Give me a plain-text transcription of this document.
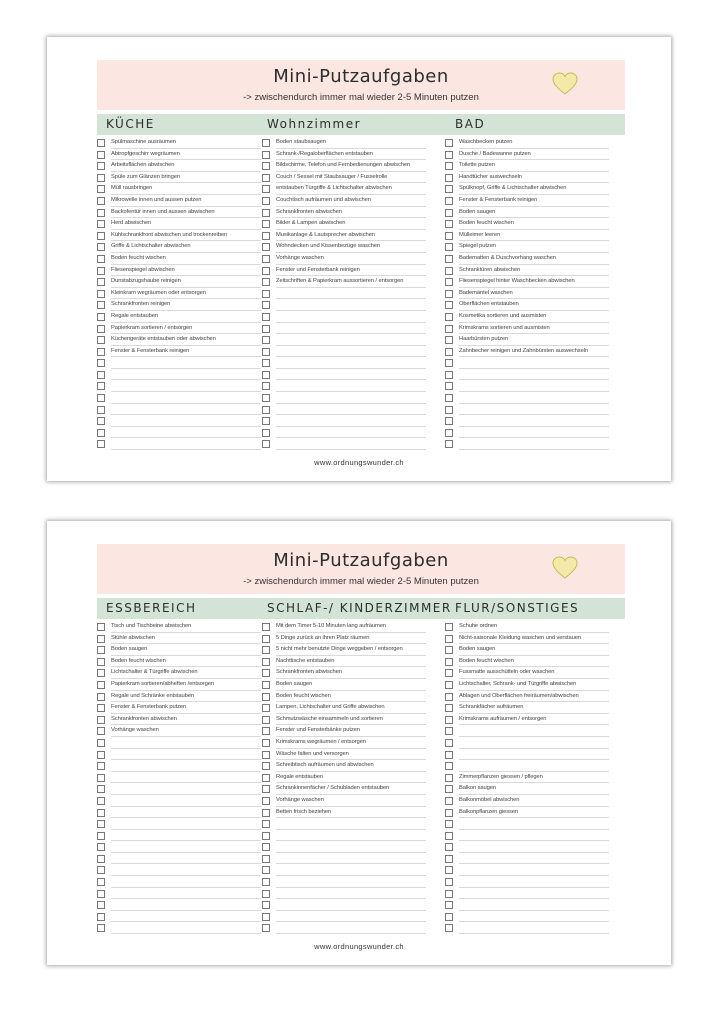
Mini-Putzaufgaben
-> zwischendurch immer mal wieder 2-5 Minuten putzen
KÜCHE	Wohnzimmer	BAD
Spülmaschine ausräumen
Abtropfgeschirr wegräumen
Arbeitsflächen abwischen
Spüle zum Glänzen bringen
Müll rausbringen
Mikrowelle innen und aussen putzen
Backofentür innen und aussen abwischen
Herd abwischen
Kühlschrankfront abwischen und trockenreiben
Griffe & Lichtschalter abwischen
Boden feucht wischen
Fliesenspiegel abwischen
Dunstabzugshaube reinigen
Kleinkram wegräumen oder entsorgen
Schrankfronten reinigen
Regale entstauben
Papierkram sortieren / entsorgen
Küchengeräte entstauben oder abwischen
Fenster & Fensterbank reinigen
Boden staubsaugen
Schrank-/Regaloberflächen entstauben
Bildschirme, Telefon und Fernbedienungen abwischen
Couch / Sessel mit Staubsauger / Fusselrolle
entstauben Türgriffe & Lichtschalter abwischen
Couchtisch aufräumen und abwischen
Schrankfronten abwischen
Bilder & Lampen abwischen
Musikanlage & Lautsprecher abwischen
Wohndecken und Kissenbezüge waschen
Vorhänge waschen
Fenster und Fensterbank reinigen
Zeitschriften & Papierkram aussortieren / entsorgen
Waschbecken putzen
Dusche / Badewanne putzen
Toilette putzen
Handtücher auswechseln
Spülknopf, Griffe & Lichtschalter abwischen
Fenster & Fensterbank reinigen
Boden saugen
Boden feucht wischen
Mülleimer leeren
Spiegel putzen
Badematten & Duschvorhang waschen
Schranktüren abwischen
Fliesenspiegel hinter Waschbecken abwischen
Bademäntel waschen
Oberflächen entstauben
Kosmetika sortieren und ausmisten
Krimskrams sortieren und ausmisten
Haarbürsten putzen
Zahnbecher reinigen und Zahnbürsten auswechseln
www.ordnungswunder.ch
Mini-Putzaufgaben
-> zwischendurch immer mal wieder 2-5 Minuten putzen
ESSBEREICH	SCHLAF-/ KINDERZIMMER FLUR/SONSTIGES
Tisch und Tischbeine abwischen
Stühle abwischen
Boden saugen
Boden feucht wischen
Lichtschalter & Türgriffe abwischen
Papierkram sortieren/abheften /entsorgen
Regale und Schränke entstauben
Fenster & Fensterbank putzen
Schrankfronten abwischen
Vorhänge waschen
Mit dem Timer 5-10 Minuten lang aufräumen
5 Dinge zurück an ihren Platz räumen
5 nicht mehr benutzte Dinge weggeben / entsorgen
Nachttische entstauben
Schrankfronten abwischen
Boden saugen
Boden feucht wischen
Lampen, Lichtschalter und Griffe abwischen
Schmutzwäsche einsammeln und sortieren
Fenster und Fensterbänke putzen
Krimskrams wegräumen / entsorgen
Wäsche falten und versorgen
Schreibtisch aufräumen und abwischen
Regale entstauben
Schrankinnenfächer / Schubladen entstauben
Vorhänge waschen
Betten frisch beziehen
Schuhe ordnen
Nicht-saisonale Kleidung waschen und verstauen
Boden saugen
Boden feucht wischen
Fussmatte ausschütteln oder waschen
Lichtschalter, Schrank- und Türgriffe abwischen
Ablagen und Oberflächen freiräumen/abwischen
Schrankfächer aufräumen
Krimskrams aufräumen / entsorgen
Zimmerpflanzen giessen / pflegen
Balkon saugen
Balkonmöbel abwischen
Balkonpflanzen giessen
www.ordnungswunder.ch
